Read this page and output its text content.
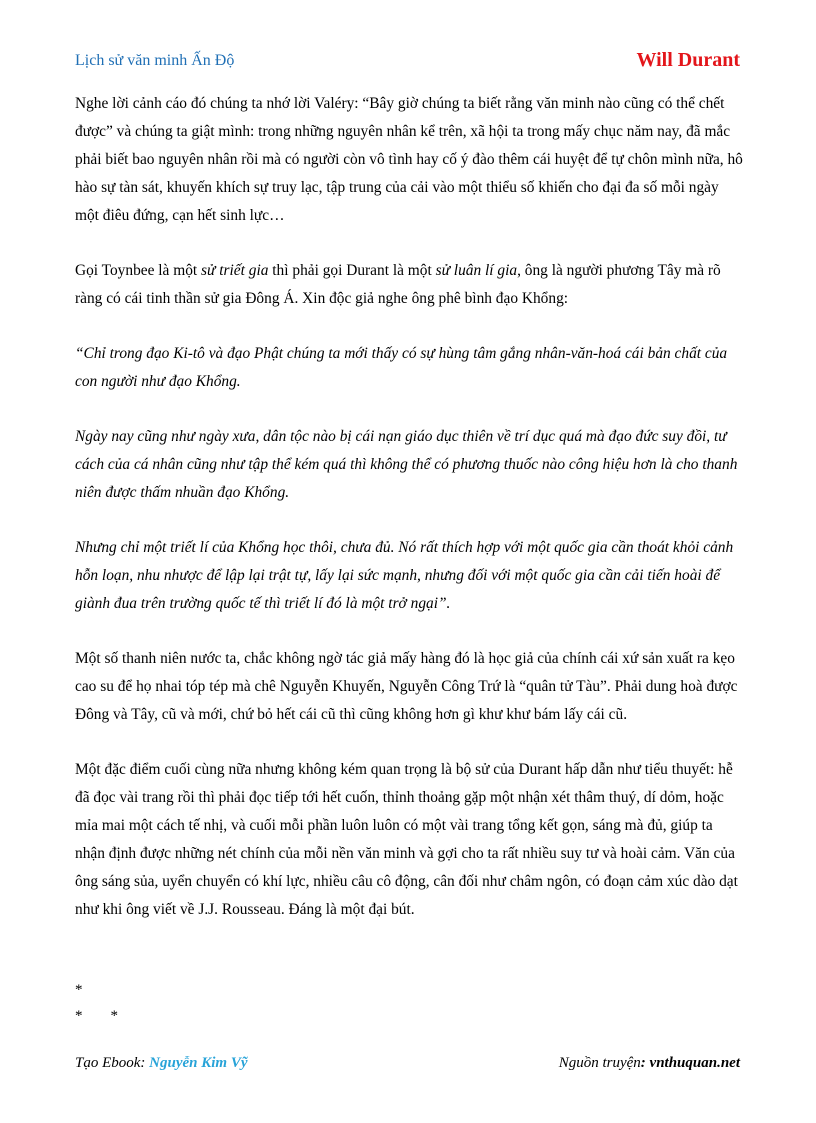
Lịch sử văn minh Ấn Độ	Will Durant

Nghe lời cảnh cáo đó chúng ta nhớ lời Valéry: “Bây giờ chúng ta biết rằng văn minh nào cũng có thể chết được” và chúng ta giật mình: trong những nguyên nhân kể trên, xã hội ta trong mấy chục năm nay, đã mắc phải biết bao nguyên nhân rồi mà có người còn vô tình hay cố ý đào thêm cái huyệt để tự chôn mình nữa, hô hào sự tàn sát, khuyến khích sự truy lạc, tập trung của cải vào một thiểu số khiến cho đại đa số mỗi ngày một điêu đứng, cạn hết sinh lực…

Gọi Toynbee là một sử triết gia thì phải gọi Durant là một sử luân lí gia, ông là người phương Tây mà rõ ràng có cái tinh thần sử gia Đông Á. Xin độc giả nghe ông phê bình đạo Khổng:

“Chỉ trong đạo Ki-tô và đạo Phật chúng ta mới thấy có sự hùng tâm gắng nhân-văn-hoá cái bản chất của con người như đạo Khổng.

Ngày nay cũng như ngày xưa, dân tộc nào bị cái nạn giáo dục thiên về trí dục quá mà đạo đức suy đồi, tư cách của cá nhân cũng như tập thể kém quá thì không thể có phương thuốc nào công hiệu hơn là cho thanh niên được thấm nhuần đạo Khổng.

Nhưng chỉ một triết lí của Khổng học thôi, chưa đủ. Nó rất thích hợp với một quốc gia cần thoát khỏi cảnh hỗn loạn, nhu nhược để lập lại trật tự, lấy lại sức mạnh, nhưng đối với một quốc gia cần cải tiến hoài để giành đua trên trường quốc tế thì triết lí đó là một trở ngại”.

Một số thanh niên nước ta, chắc không ngờ tác giả mấy hàng đó là học giả của chính cái xứ sản xuất ra kẹo cao su để họ nhai tóp tép mà chê Nguyễn Khuyến, Nguyễn Công Trứ là “quân tử Tàu”. Phải dung hoà được Đông và Tây, cũ và mới, chứ bỏ hết cái cũ thì cũng không hơn gì khư khư bám lấy cái cũ.

Một đặc điểm cuối cùng nữa nhưng không kém quan trọng là bộ sử của Durant hấp dẫn như tiểu thuyết: hễ đã đọc vài trang rồi thì phải đọc tiếp tới hết cuốn, thỉnh thoảng gặp một nhận xét thâm thuý, dí dỏm, hoặc mỉa mai một cách tế nhị, và cuối mỗi phần luôn luôn có một vài trang tổng kết gọn, sáng mà đủ, giúp ta nhận định được những nét chính của mỗi nền văn minh và gợi cho ta rất nhiều suy tư và hoài cảm. Văn của ông sáng sủa, uyển chuyển có khí lực, nhiều câu cô động, cân đối như châm ngôn, có đoạn cảm xúc dào dạt như khi ông viết về J.J. Rousseau. Đáng là một đại bút.

*
* *
Tạo Ebook: Nguyễn Kim Vỹ	Nguồn truyện: vnthuquan.net
